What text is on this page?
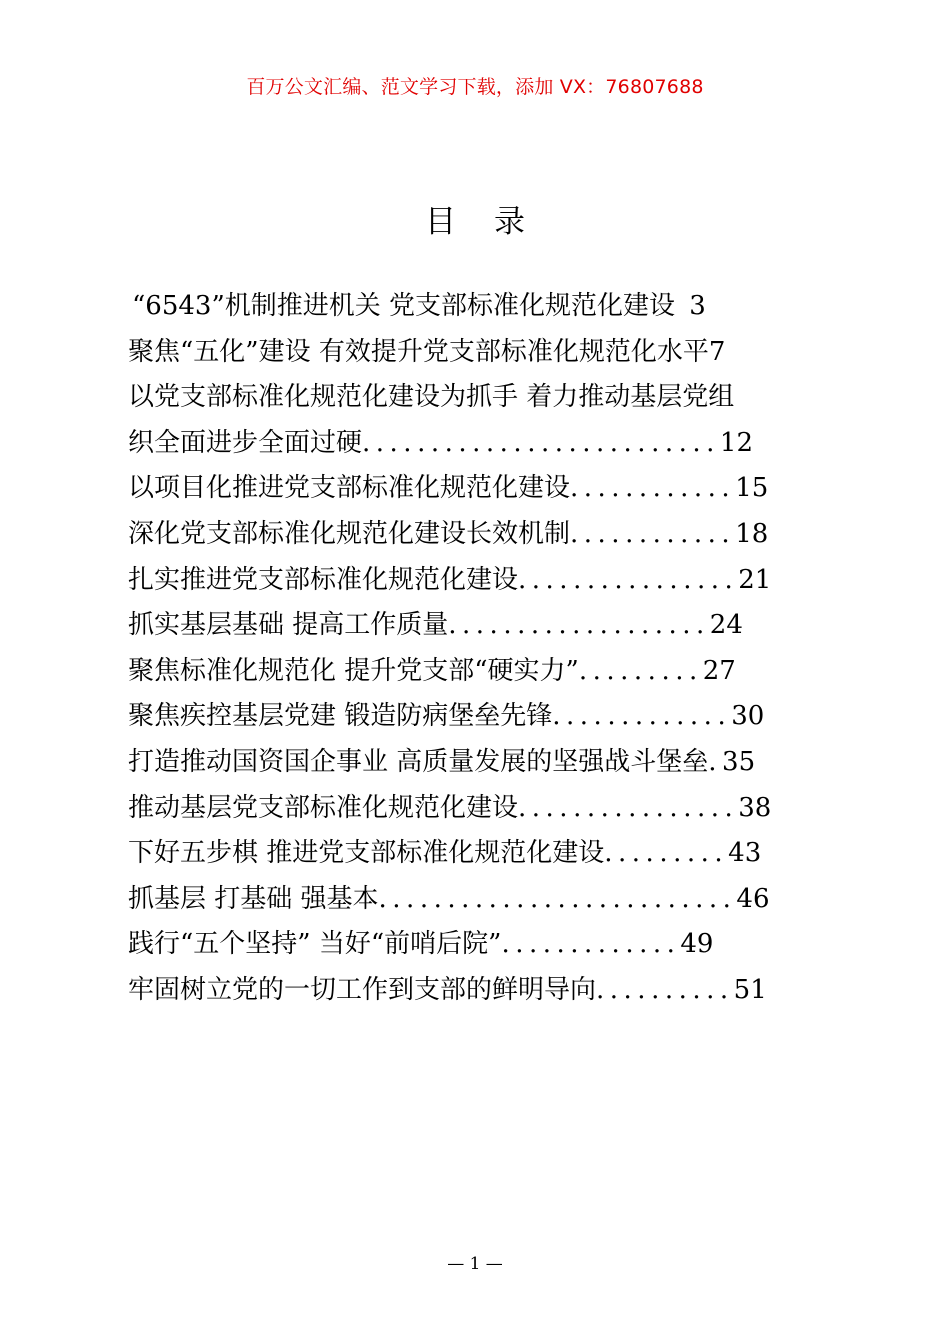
百万公文汇编、范文学习下载，添加 VX：76807688
目 录
“6543”机制推进机关 党支部标准化规范化建设 3
聚焦“五化”建设 有效提升党支部标准化规范化水平7
以党支部标准化规范化建设为抓手 着力推动基层党组
织全面进步全面过硬..........................12
以项目化推进党支部标准化规范化建设............15
深化党支部标准化规范化建设长效机制............18
扎实推进党支部标准化规范化建设................21
抓实基层基础 提高工作质量...................24
聚焦标准化规范化 提升党支部“硬实力”.........27
聚焦疾控基层党建 锻造防病堡垒先锋.............30
打造推动国资国企事业 高质量发展的坚强战斗堡垒.35
推动基层党支部标准化规范化建设................38
下好五步棋 推进党支部标准化规范化建设.........43
抓基层 打基础 强基本..........................46
践行“五个坚持” 当好“前哨后院”.............49
牢固树立党的一切工作到支部的鲜明导向..........51
— 1 —
